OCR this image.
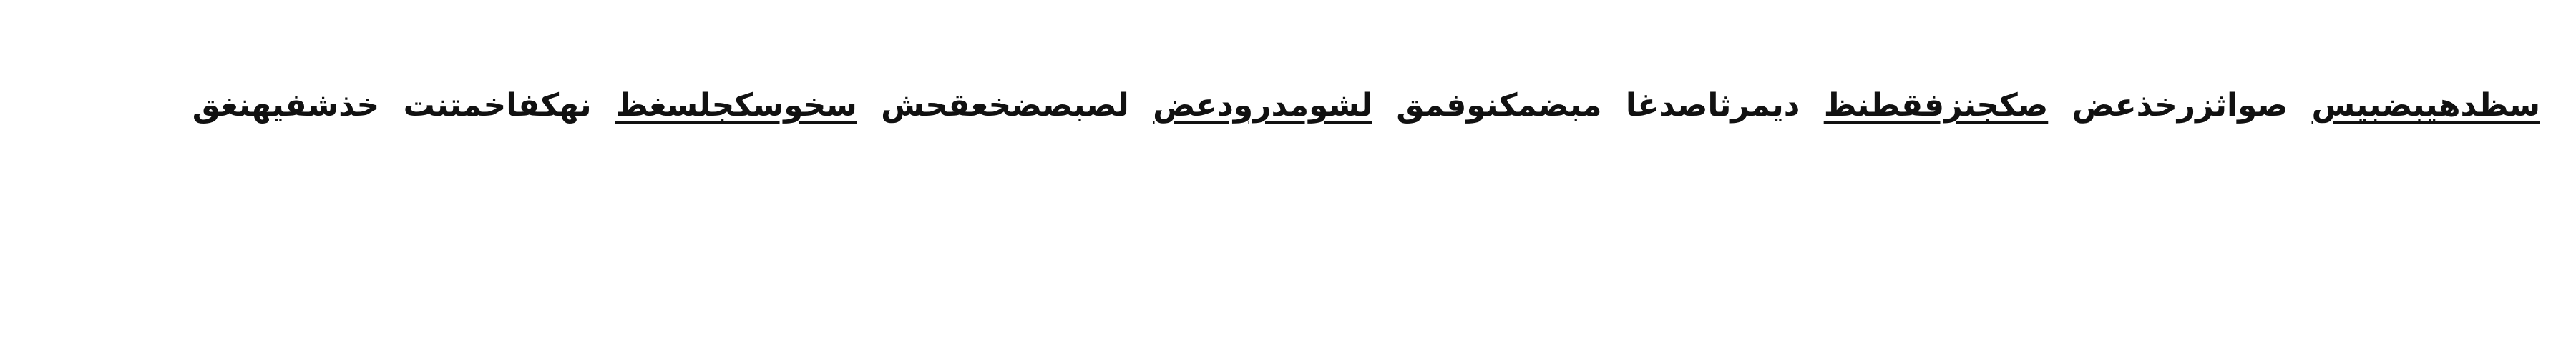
سظدهيبضبيس صواثزرخذعض صكجنزفقطنظ ديمرثاصدغا مبضمكنوفمق لشومدرودعض لصبصضخعقحش سخوسكجلسغظ نهكفاخمتنت خذشفيهنغق
